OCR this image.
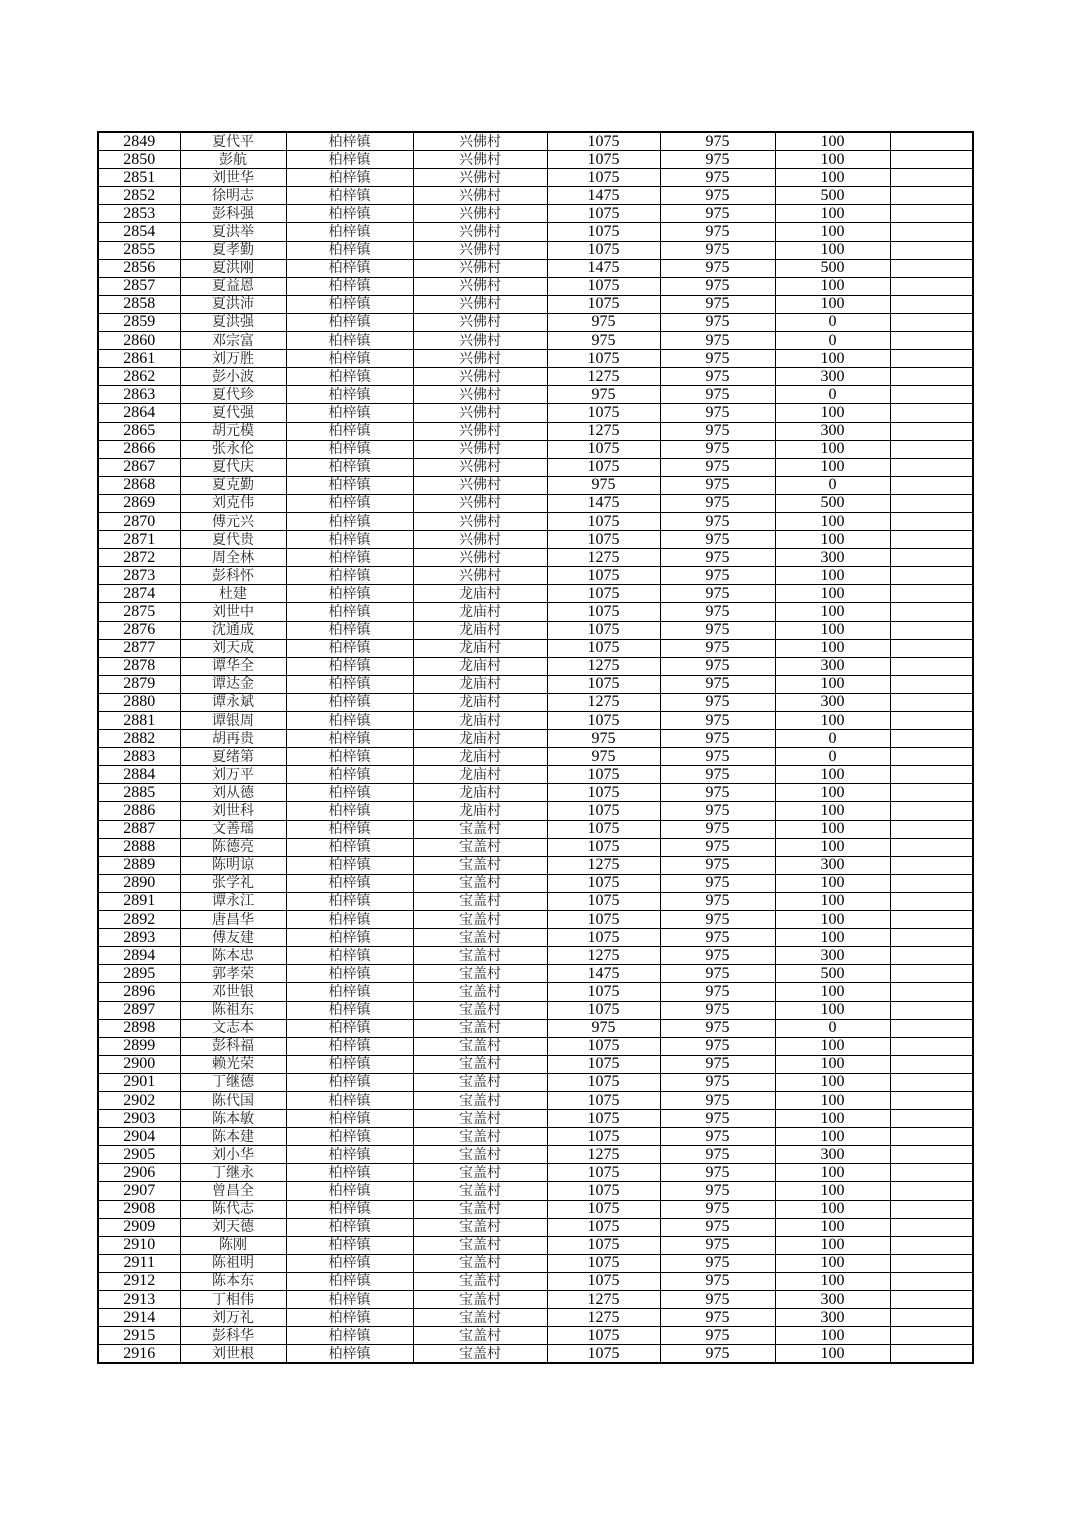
2849	夏代平	柏梓镇	兴佛村	1075	975	100	
2850	彭航	柏梓镇	兴佛村	1075	975	100	
2851	刘世华	柏梓镇	兴佛村	1075	975	100	
2852	徐明志	柏梓镇	兴佛村	1475	975	500	
2853	彭科强	柏梓镇	兴佛村	1075	975	100	
2854	夏洪举	柏梓镇	兴佛村	1075	975	100	
2855	夏孝勤	柏梓镇	兴佛村	1075	975	100	
2856	夏洪刚	柏梓镇	兴佛村	1475	975	500	
2857	夏益恩	柏梓镇	兴佛村	1075	975	100	
2858	夏洪沛	柏梓镇	兴佛村	1075	975	100	
2859	夏洪强	柏梓镇	兴佛村	975	975	0	
2860	邓宗富	柏梓镇	兴佛村	975	975	0	
2861	刘万胜	柏梓镇	兴佛村	1075	975	100	
2862	彭小波	柏梓镇	兴佛村	1275	975	300	
2863	夏代珍	柏梓镇	兴佛村	975	975	0	
2864	夏代强	柏梓镇	兴佛村	1075	975	100	
2865	胡元模	柏梓镇	兴佛村	1275	975	300	
2866	张永伦	柏梓镇	兴佛村	1075	975	100	
2867	夏代庆	柏梓镇	兴佛村	1075	975	100	
2868	夏克勤	柏梓镇	兴佛村	975	975	0	
2869	刘克伟	柏梓镇	兴佛村	1475	975	500	
2870	傅元兴	柏梓镇	兴佛村	1075	975	100	
2871	夏代贵	柏梓镇	兴佛村	1075	975	100	
2872	周全林	柏梓镇	兴佛村	1275	975	300	
2873	彭科怀	柏梓镇	兴佛村	1075	975	100	
2874	杜建	柏梓镇	龙庙村	1075	975	100	
2875	刘世中	柏梓镇	龙庙村	1075	975	100	
2876	沈通成	柏梓镇	龙庙村	1075	975	100	
2877	刘天成	柏梓镇	龙庙村	1075	975	100	
2878	谭华全	柏梓镇	龙庙村	1275	975	300	
2879	谭达金	柏梓镇	龙庙村	1075	975	100	
2880	谭永斌	柏梓镇	龙庙村	1275	975	300	
2881	谭银周	柏梓镇	龙庙村	1075	975	100	
2882	胡再贵	柏梓镇	龙庙村	975	975	0	
2883	夏绪第	柏梓镇	龙庙村	975	975	0	
2884	刘万平	柏梓镇	龙庙村	1075	975	100	
2885	刘从德	柏梓镇	龙庙村	1075	975	100	
2886	刘世科	柏梓镇	龙庙村	1075	975	100	
2887	文善瑶	柏梓镇	宝盖村	1075	975	100	
2888	陈德亮	柏梓镇	宝盖村	1075	975	100	
2889	陈明谅	柏梓镇	宝盖村	1275	975	300	
2890	张学礼	柏梓镇	宝盖村	1075	975	100	
2891	谭永江	柏梓镇	宝盖村	1075	975	100	
2892	唐昌华	柏梓镇	宝盖村	1075	975	100	
2893	傅友建	柏梓镇	宝盖村	1075	975	100	
2894	陈本忠	柏梓镇	宝盖村	1275	975	300	
2895	郭孝荣	柏梓镇	宝盖村	1475	975	500	
2896	邓世银	柏梓镇	宝盖村	1075	975	100	
2897	陈祖东	柏梓镇	宝盖村	1075	975	100	
2898	文志本	柏梓镇	宝盖村	975	975	0	
2899	彭科福	柏梓镇	宝盖村	1075	975	100	
2900	赖光荣	柏梓镇	宝盖村	1075	975	100	
2901	丁继德	柏梓镇	宝盖村	1075	975	100	
2902	陈代国	柏梓镇	宝盖村	1075	975	100	
2903	陈本敏	柏梓镇	宝盖村	1075	975	100	
2904	陈本建	柏梓镇	宝盖村	1075	975	100	
2905	刘小华	柏梓镇	宝盖村	1275	975	300	
2906	丁继永	柏梓镇	宝盖村	1075	975	100	
2907	曾昌全	柏梓镇	宝盖村	1075	975	100	
2908	陈代志	柏梓镇	宝盖村	1075	975	100	
2909	刘天德	柏梓镇	宝盖村	1075	975	100	
2910	陈刚	柏梓镇	宝盖村	1075	975	100	
2911	陈祖明	柏梓镇	宝盖村	1075	975	100	
2912	陈本东	柏梓镇	宝盖村	1075	975	100	
2913	丁相伟	柏梓镇	宝盖村	1275	975	300	
2914	刘万礼	柏梓镇	宝盖村	1275	975	300	
2915	彭科华	柏梓镇	宝盖村	1075	975	100	
2916	刘世根	柏梓镇	宝盖村	1075	975	100	
